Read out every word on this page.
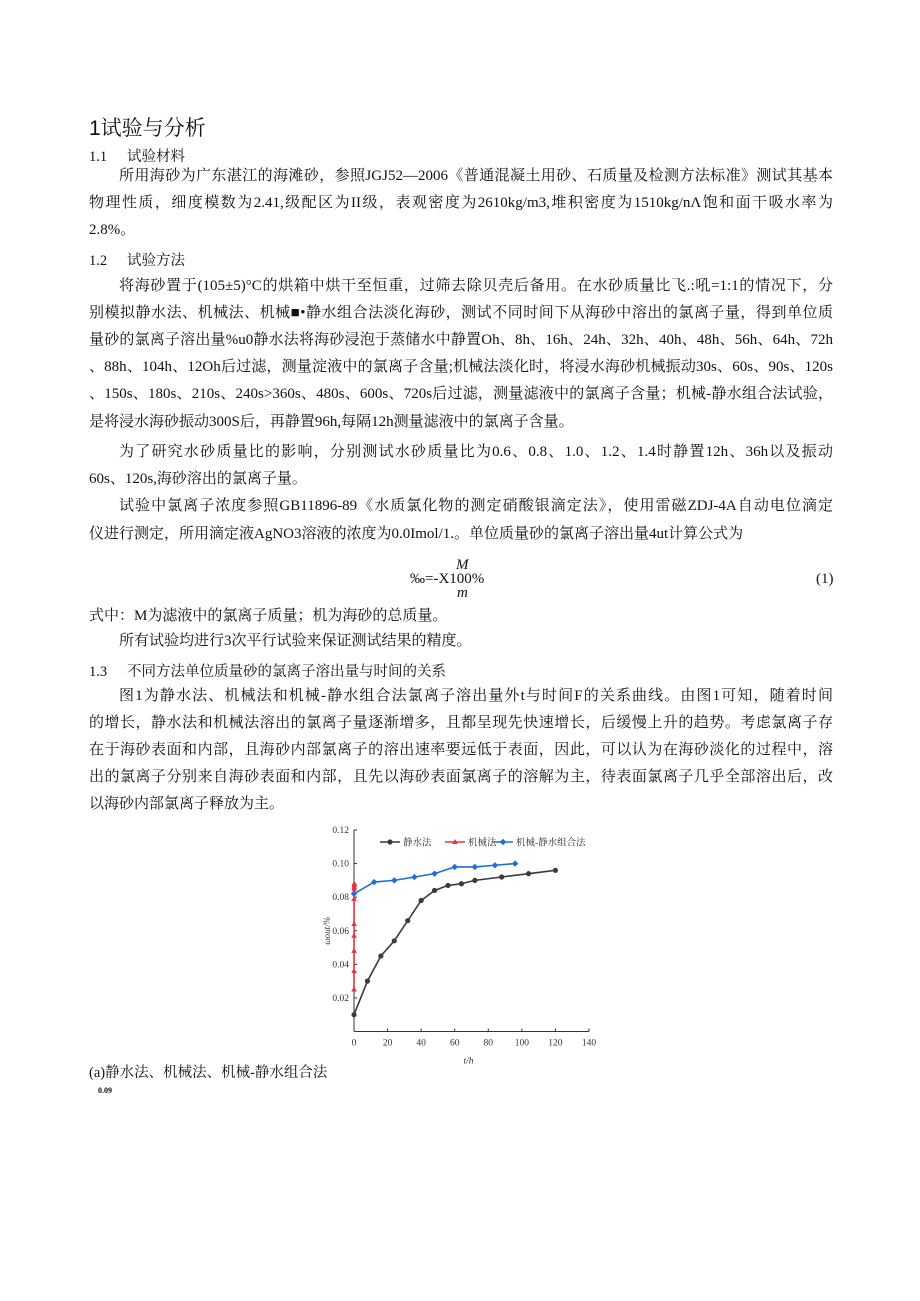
1试验与分析
1.1 试验材料
所用海砂为广东湛江的海滩砂，参照JGJ52—2006《普通混凝土用砂、石质量及检测方法标准》测试其基本
物理性质，细度模数为2.41,级配区为II级，表观密度为2610kg/m3,堆积密度为1510kg/nΛ饱和面干吸水率为
2.8%。
1.2 试验方法
将海砂置于(105±5)°C的烘箱中烘干至恒重，过筛去除贝壳后备用。在水砂质量比飞.:吼=1:1的情况下，分
别模拟静水法、机械法、机械■•静水组合法淡化海砂，测试不同时间下从海砂中溶出的氯离子量，得到单位质
量砂的氯离子溶出量%u0静水法将海砂浸泡于蒸储水中静置Oh、8h、16h、24h、32h、40h、48h、56h、64h、72h
、88h、104h、12Oh后过滤，测量淀液中的氯离子含量;机械法淡化时，将浸水海砂机械振动30s、60s、90s、120s
、150s、180s、210s、240s>360s、480s、600s、720s后过滤，测量滤液中的氯离子含量；机械-静水组合法试验，
是将浸水海砂振动300S后，再静置96h,每隔12h测量滤液中的氯离子含量。
为了研究水砂质量比的影响，分别测试水砂质量比为0.6、0.8、1.0、1.2、1.4时静置12h、36h以及振动
60s、120s,海砂溶出的氯离子量。
试验中氯离子浓度参照GB11896-89《水质氯化物的测定硝酸银滴定法》，使用雷磁ZDJ-4A自动电位滴定
仪进行测定，所用滴定液AgNO3溶液的浓度为0.0Imol/1.。单位质量砂的氯离子溶出量4ut计算公式为
M
‰=-X100%
m
(1)
式中：M为滤液中的氯离子质量；机为海砂的总质量。
所有试验均进行3次平行试验来保证测试结果的精度。
1.3 不同方法单位质量砂的氯离子溶出量与时间的关系
图1为静水法、机械法和机械-静水组合法氯离子溶出量外t与时间F的关系曲线。由图1可知，随着时间
的增长，静水法和机械法溶出的氯离子量逐渐增多，且都呈现先快速增长，后缓慢上升的趋势。考虑氯离子存
在于海砂表面和内部，且海砂内部氯离子的溶出速率要远低于表面，因此，可以认为在海砂淡化的过程中，溶
出的氯离子分别来自海砂表面和内部，且先以海砂表面氯离子的溶解为主，待表面氯离子几乎全部溶出后，改
以海砂内部氯离子释放为主。
0	20	40	60	80 100 120 140
0.02
0.04
0.06
0.08
0.10
0.12
t/h
ωout/%
静水法	机械法 机械-静水组合法
(a)静水法、机械法、机械-静水组合法
0.09
